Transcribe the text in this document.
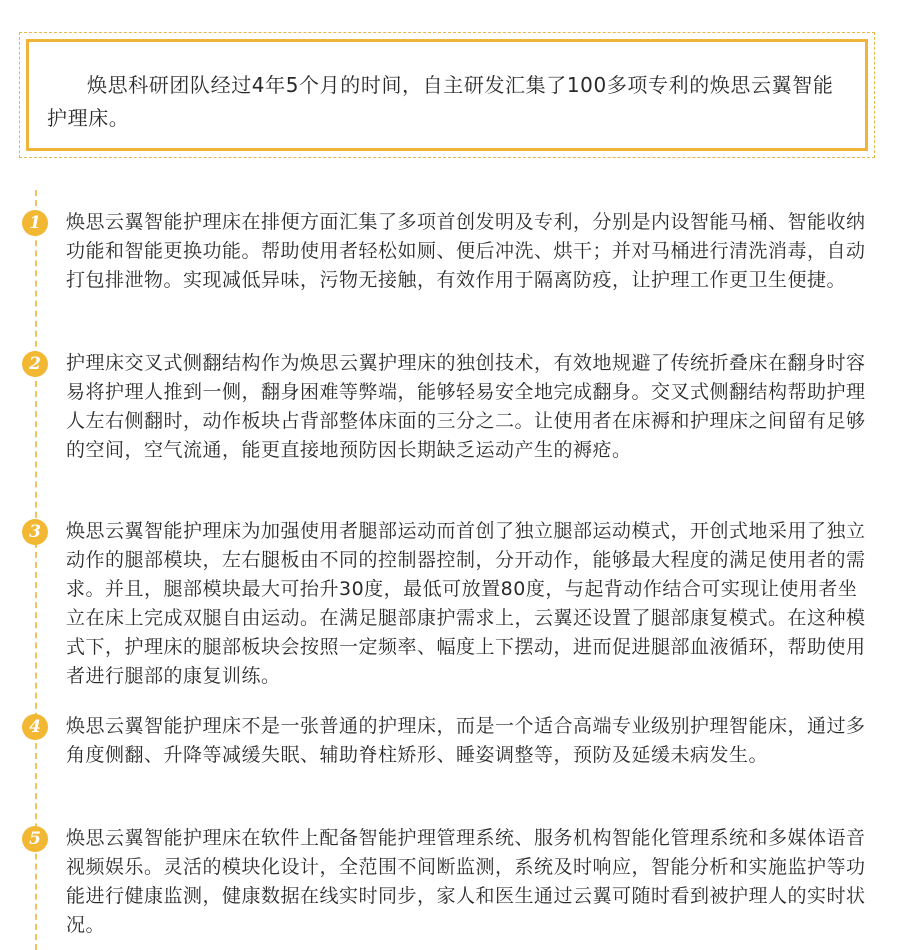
焕思科研团队经过4年5个月的时间，自主研发汇集了100多项专利的焕思云翼智能护理床。

1	焕思云翼智能护理床在排便方面汇集了多项首创发明及专利，分别是内设智能马桶、智能收纳功能和智能更换功能。帮助使用者轻松如厕、便后冲洗、烘干；并对马桶进行清洗消毒，自动打包排泄物。实现减低异味，污物无接触，有效作用于隔离防疫，让护理工作更卫生便捷。

2	护理床交叉式侧翻结构作为焕思云翼护理床的独创技术，有效地规避了传统折叠床在翻身时容易将护理人推到一侧，翻身困难等弊端，能够轻易安全地完成翻身。交叉式侧翻结构帮助护理人左右侧翻时，动作板块占背部整体床面的三分之二。让使用者在床褥和护理床之间留有足够的空间，空气流通，能更直接地预防因长期缺乏运动产生的褥疮。

3	焕思云翼智能护理床为加强使用者腿部运动而首创了独立腿部运动模式，开创式地采用了独立动作的腿部模块，左右腿板由不同的控制器控制，分开动作，能够最大程度的满足使用者的需求。并且，腿部模块最大可抬升30度，最低可放置80度，与起背动作结合可实现让使用者坐立在床上完成双腿自由运动。在满足腿部康护需求上，云翼还设置了腿部康复模式。在这种模式下，护理床的腿部板块会按照一定频率、幅度上下摆动，进而促进腿部血液循环，帮助使用者进行腿部的康复训练。

4	焕思云翼智能护理床不是一张普通的护理床，而是一个适合高端专业级别护理智能床，通过多角度侧翻、升降等减缓失眠、辅助脊柱矫形、睡姿调整等，预防及延缓未病发生。

5	焕思云翼智能护理床在软件上配备智能护理管理系统、服务机构智能化管理系统和多媒体语音视频娱乐。灵活的模块化设计，全范围不间断监测，系统及时响应，智能分析和实施监护等功能进行健康监测，健康数据在线实时同步，家人和医生通过云翼可随时看到被护理人的实时状况。
